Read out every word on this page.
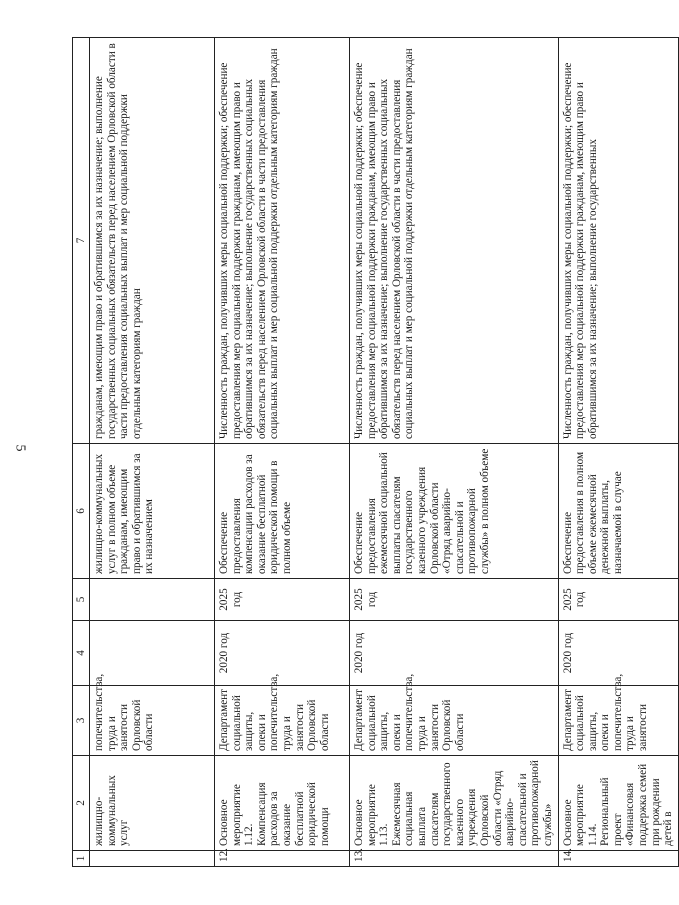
5
1	2	3	4	5	6	7
	жилищно-коммунальных услуг	попечительства, труда и занятости Орловской области			жилищно-коммунальных услуг в полном объеме гражданам, имеющим право и обратившимся за их назначением	гражданам, имеющим право и обратившимся за их назначение; выполнение государственных социальных обязательств перед населением Орловской области в части предоставления социальных выплат и мер социальной поддержки отдельным категориям граждан
12.	Основное мероприятие 1.12. Компенсация расходов за оказание бесплатной юридической помощи	Департамент социальной защиты, опеки и попечительства, труда и занятости Орловской области	2020 год	2025 год	Обеспечение предоставления компенсации расходов за оказание бесплатной юридической помощи в полном объеме	Численность граждан, получивших меры социальной поддержки; обеспечение предоставления мер социальной поддержки гражданам, имеющим право и обратившимся за их назначение; выполнение государственных социальных обязательств перед населением Орловской области в части предоставления социальных выплат и мер социальной поддержки отдельным категориям граждан
13.	Основное мероприятие 1.13. Ежемесячная социальная выплата спасателям государственного казенного учреждения Орловской области «Отряд аварийно-спасательной и противопожарной службы»	Департамент социальной защиты, опеки и попечительства, труда и занятости Орловской области	2020 год	2025 год	Обеспечение предоставления ежемесячной социальной выплаты спасателям государственного казенного учреждения Орловской области «Отряд аварийно-спасательной и противопожарной службы» в полном объеме	Численность граждан, получивших меры социальной поддержки; обеспечение предоставления мер социальной поддержки гражданам, имеющим право и обратившимся за их назначение; выполнение государственных социальных обязательств перед населением Орловской области в части предоставления социальных выплат и мер социальной поддержки отдельным категориям граждан
14.	Основное мероприятие 1.14. Региональный проект «Финансовая поддержка семей при рождении детей в	Департамент социальной защиты, опеки и попечительства, труда и занятости	2020 год	2025 год	Обеспечение предоставления в полном объеме ежемесячной денежной выплаты, назначаемой в случае	Численность граждан, получивших меры социальной поддержки; обеспечение предоставления мер социальной поддержки гражданам, имеющим право и обратившимся за их назначение; выполнение государственных
